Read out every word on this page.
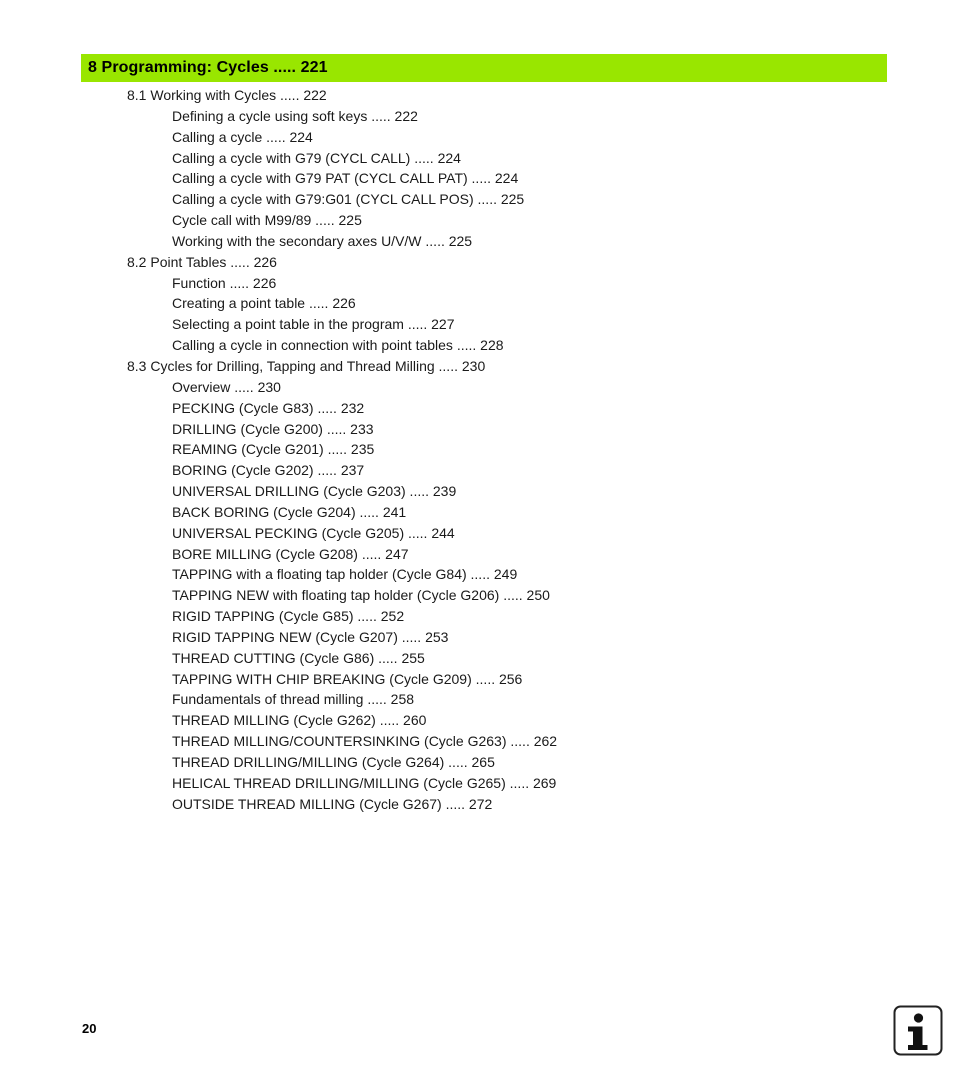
8 Programming: Cycles ..... 221
8.1 Working with Cycles ..... 222
Defining a cycle using soft keys ..... 222
Calling a cycle ..... 224
Calling a cycle with G79 (CYCL CALL) ..... 224
Calling a cycle with G79 PAT (CYCL CALL PAT) ..... 224
Calling a cycle with G79:G01 (CYCL CALL POS) ..... 225
Cycle call with M99/89 ..... 225
Working with the secondary axes U/V/W ..... 225
8.2 Point Tables ..... 226
Function ..... 226
Creating a point table ..... 226
Selecting a point table in the program ..... 227
Calling a cycle in connection with point tables ..... 228
8.3 Cycles for Drilling, Tapping and Thread Milling ..... 230
Overview ..... 230
PECKING (Cycle G83) ..... 232
DRILLING (Cycle G200) ..... 233
REAMING (Cycle G201) ..... 235
BORING (Cycle G202) ..... 237
UNIVERSAL DRILLING (Cycle G203) ..... 239
BACK BORING (Cycle G204) ..... 241
UNIVERSAL PECKING (Cycle G205) ..... 244
BORE MILLING (Cycle G208) ..... 247
TAPPING with a floating tap holder (Cycle G84) ..... 249
TAPPING NEW with floating tap holder (Cycle G206) ..... 250
RIGID TAPPING (Cycle G85) ..... 252
RIGID TAPPING NEW (Cycle G207) ..... 253
THREAD CUTTING (Cycle G86) ..... 255
TAPPING WITH CHIP BREAKING (Cycle G209) ..... 256
Fundamentals of thread milling ..... 258
THREAD MILLING (Cycle G262) ..... 260
THREAD MILLING/COUNTERSINKING (Cycle G263) ..... 262
THREAD DRILLING/MILLING (Cycle G264) ..... 265
HELICAL THREAD DRILLING/MILLING (Cycle G265) ..... 269
OUTSIDE THREAD MILLING (Cycle G267) ..... 272
20
